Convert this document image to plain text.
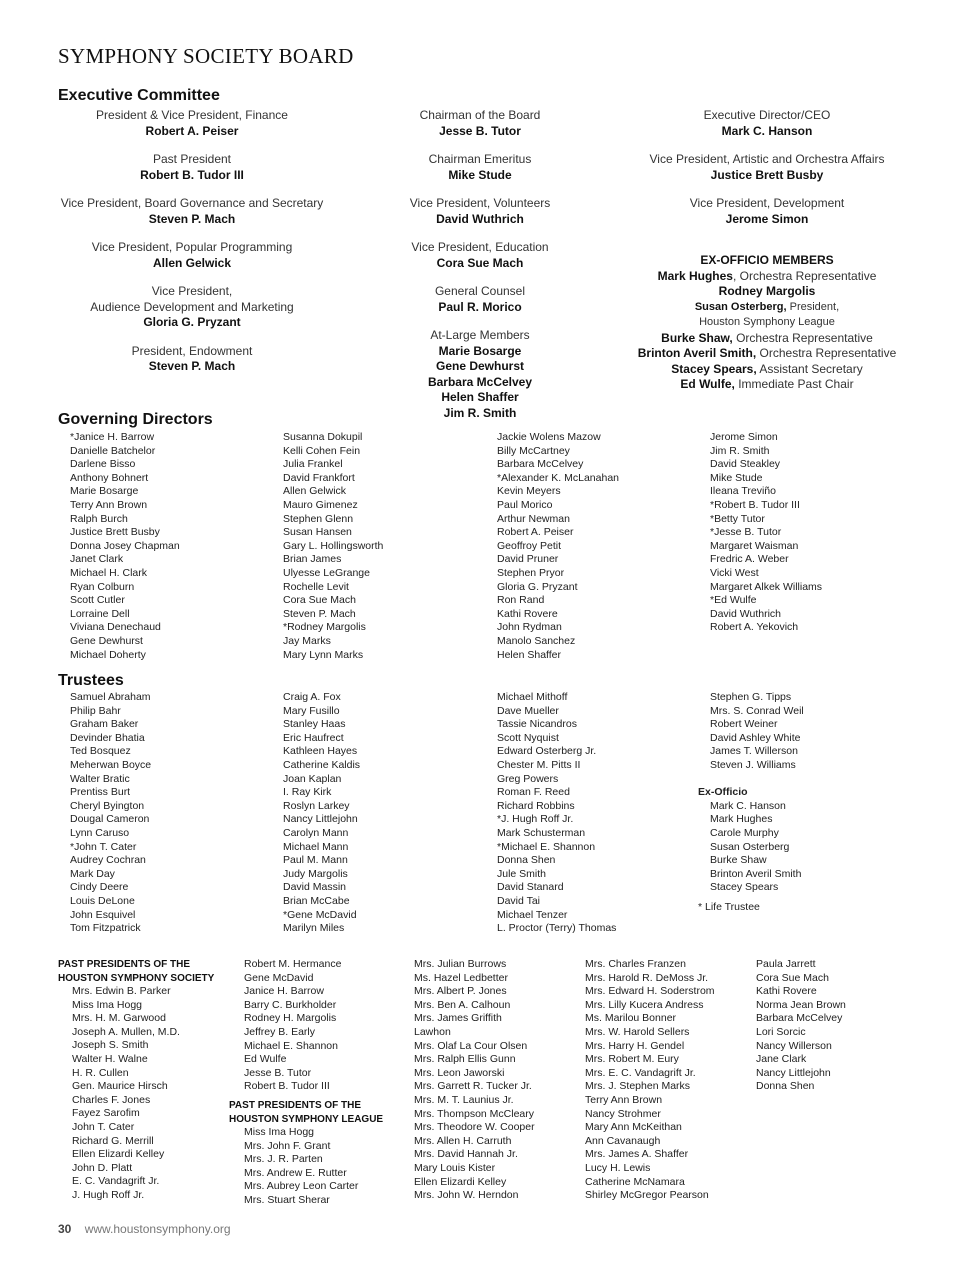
SYMPHONY SOCIETY BOARD
Executive Committee
President & Vice President, Finance
Robert A. Peiser
Past President
Robert B. Tudor III
Vice President, Board Governance and Secretary
Steven P. Mach
Vice President, Popular Programming
Allen Gelwick
Vice President,
Audience Development and Marketing
Gloria G. Pryzant
President, Endowment
Steven P. Mach
Chairman of the Board
Jesse B. Tutor
Chairman Emeritus
Mike Stude
Vice President, Volunteers
David Wuthrich
Vice President, Education
Cora Sue Mach
General Counsel
Paul R. Morico
At-Large Members
Marie Bosarge
Gene Dewhurst
Barbara McCelvey
Helen Shaffer
Jim R. Smith
Executive Director/CEO
Mark C. Hanson
Vice President, Artistic and Orchestra Affairs
Justice Brett Busby
Vice President, Development
Jerome Simon
EX-OFFICIO MEMBERS
Mark Hughes, Orchestra Representative
Rodney Margolis
Susan Osterberg, President,
Houston Symphony League
Burke Shaw, Orchestra Representative
Brinton Averil Smith, Orchestra Representative
Stacey Spears, Assistant Secretary
Ed Wulfe, Immediate Past Chair
Governing Directors
*Janice H. Barrow
Danielle Batchelor
Darlene Bisso
Anthony Bohnert
Marie Bosarge
Terry Ann Brown
Ralph Burch
Justice Brett Busby
Donna Josey Chapman
Janet Clark
Michael H. Clark
Ryan Colburn
Scott Cutler
Lorraine Dell
Viviana Denechaud
Gene Dewhurst
Michael Doherty
Susanna Dokupil
Kelli Cohen Fein
Julia Frankel
David Frankfort
Allen Gelwick
Mauro Gimenez
Stephen Glenn
Susan Hansen
Gary L. Hollingsworth
Brian James
Ulyesse LeGrange
Rochelle Levit
Cora Sue Mach
Steven P. Mach
*Rodney Margolis
Jay Marks
Mary Lynn Marks
Jackie Wolens Mazow
Billy McCartney
Barbara McCelvey
*Alexander K. McLanahan
Kevin Meyers
Paul Morico
Arthur Newman
Robert A. Peiser
Geoffroy Petit
David Pruner
Stephen Pryor
Gloria G. Pryzant
Ron Rand
Kathi Rovere
John Rydman
Manolo Sanchez
Helen Shaffer
Jerome Simon
Jim R. Smith
David Steakley
Mike Stude
Ileana Treviño
*Robert B. Tudor III
*Betty Tutor
*Jesse B. Tutor
Margaret Waisman
Fredric A. Weber
Vicki West
Margaret Alkek Williams
*Ed Wulfe
David Wuthrich
Robert A. Yekovich
Trustees
Samuel Abraham
Philip Bahr
Graham Baker
Devinder Bhatia
Ted Bosquez
Meherwan Boyce
Walter Bratic
Prentiss Burt
Cheryl Byington
Dougal Cameron
Lynn Caruso
*John T. Cater
Audrey Cochran
Mark Day
Cindy Deere
Louis DeLone
John Esquivel
Tom Fitzpatrick
Craig A. Fox
Mary Fusillo
Stanley Haas
Eric Haufrect
Kathleen Hayes
Catherine Kaldis
Joan Kaplan
I. Ray Kirk
Roslyn Larkey
Nancy Littlejohn
Carolyn Mann
Michael Mann
Paul M. Mann
Judy Margolis
David Massin
Brian McCabe
*Gene McDavid
Marilyn Miles
Michael Mithoff
Dave Mueller
Tassie Nicandros
Scott Nyquist
Edward Osterberg Jr.
Chester M. Pitts II
Greg Powers
Roman F. Reed
Richard Robbins
*J. Hugh Roff Jr.
Mark Schusterman
*Michael E. Shannon
Donna Shen
Jule Smith
David Stanard
David Tai
Michael Tenzer
L. Proctor (Terry) Thomas
Stephen G. Tipps
Mrs. S. Conrad Weil
Robert Weiner
David Ashley White
James T. Willerson
Steven J. Williams
Ex-Officio
Mark C. Hanson
Mark Hughes
Carole Murphy
Susan Osterberg
Burke Shaw
Brinton Averil Smith
Stacey Spears
* Life Trustee
PAST PRESIDENTS OF THE
HOUSTON SYMPHONY SOCIETY
Mrs. Edwin B. Parker
Miss Ima Hogg
Mrs. H. M. Garwood
Joseph A. Mullen, M.D.
Joseph S. Smith
Walter H. Walne
H. R. Cullen
Gen. Maurice Hirsch
Charles F. Jones
Fayez Sarofim
John T. Cater
Richard G. Merrill
Ellen Elizardi Kelley
John D. Platt
E. C. Vandagrift Jr.
J. Hugh Roff Jr.
Robert M. Hermance
Gene McDavid
Janice H. Barrow
Barry C. Burkholder
Rodney H. Margolis
Jeffrey B. Early
Michael E. Shannon
Ed Wulfe
Jesse B. Tutor
Robert B. Tudor III
PAST PRESIDENTS OF THE
HOUSTON SYMPHONY LEAGUE
Miss Ima Hogg
Mrs. John F. Grant
Mrs. J. R. Parten
Mrs. Andrew E. Rutter
Mrs. Aubrey Leon Carter
Mrs. Stuart Sherar
Mrs. Julian Burrows
Ms. Hazel Ledbetter
Mrs. Albert P. Jones
Mrs. Ben A. Calhoun
Mrs. James Griffith
Lawhon
Mrs. Olaf La Cour Olsen
Mrs. Ralph Ellis Gunn
Mrs. Leon Jaworski
Mrs. Garrett R. Tucker Jr.
Mrs. M. T. Launius Jr.
Mrs. Thompson McCleary
Mrs. Theodore W. Cooper
Mrs. Allen H. Carruth
Mrs. David Hannah Jr.
Mary Louis Kister
Ellen Elizardi Kelley
Mrs. John W. Herndon
Mrs. Charles Franzen
Mrs. Harold R. DeMoss Jr.
Mrs. Edward H. Soderstrom
Mrs. Lilly Kucera Andress
Ms. Marilou Bonner
Mrs. W. Harold Sellers
Mrs. Harry H. Gendel
Mrs. Robert M. Eury
Mrs. E. C. Vandagrift Jr.
Mrs. J. Stephen Marks
Terry Ann Brown
Nancy Strohmer
Mary Ann McKeithan
Ann Cavanaugh
Mrs. James A. Shaffer
Lucy H. Lewis
Catherine McNamara
Shirley McGregor Pearson
Paula Jarrett
Cora Sue Mach
Kathi Rovere
Norma Jean Brown
Barbara McCelvey
Lori Sorcic
Nancy Willerson
Jane Clark
Nancy Littlejohn
Donna Shen
30 www.houstonsymphony.org
